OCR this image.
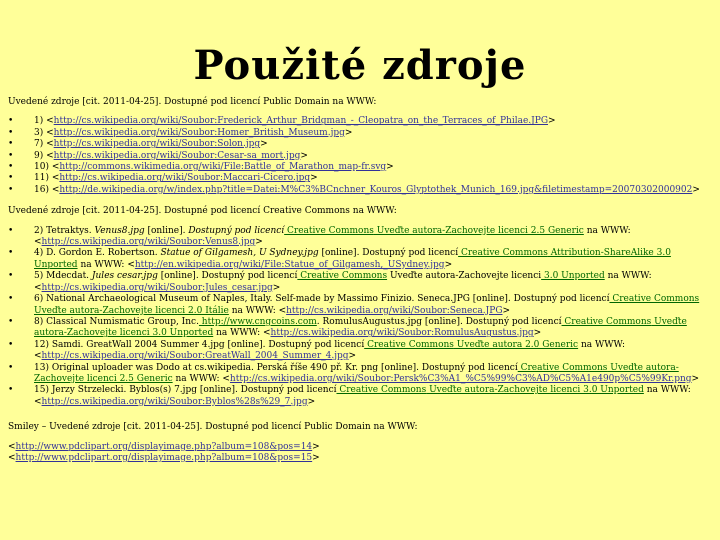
Použité zdroje

Uvedené zdroje [cit. 2011-04-25]. Dostupné pod licencí Public Domain na WWW:

• 1) <http://cs.wikipedia.org/wiki/Soubor:Frederick_Arthur_Bridgman_-_Cleopatra_on_the_Terraces_of_Philae.JPG>
• 3) <http://cs.wikipedia.org/wiki/Soubor:Homer_British_Museum.jpg>
• 7) <http://cs.wikipedia.org/wiki/Soubor:Solon.jpg>
• 9) <http://cs.wikipedia.org/wiki/Soubor:Cesar-sa_mort.jpg>
• 10) <http://commons.wikimedia.org/wiki/File:Battle_of_Marathon_map-fr.svg>
• 11) <http://cs.wikipedia.org/wiki/Soubor:Maccari-Cicero.jpg>
• 16) <http://de.wikipedia.org/w/index.php?title=Datei:M%C3%BCnchner_Kouros_Glyptothek_Munich_169.jpg&filetimestamp=20070302000902>

Uvedené zdroje [cit. 2011-04-25]. Dostupné pod licencí Creative Commons na WWW:

• 2) Tetraktys. Venus8.jpg [online]. Dostupný pod licencí Creative Commons Uveďte autora-Zachovejte licenci 2.5 Generic na WWW: <http://cs.wikipedia.org/wiki/Soubor:Venus8.jpg>
• 4) D. Gordon E. Robertson. Statue of Gilgamesh, U Sydney.jpg [online]. Dostupný pod licencí Creative Commons Attribution-ShareAlike 3.0 Unported na WWW: <http://en.wikipedia.org/wiki/File:Statue_of_Gilgamesh,_USydney.jpg>
• 5) Mdecdat. Jules cesar.jpg [online]. Dostupný pod licencí Creative Commons Uveďte autora-Zachovejte licenci 3.0 Unported na WWW: <http://cs.wikipedia.org/wiki/Soubor:Jules_cesar.jpg>
• 6) National Archaeological Museum of Naples, Italy. Self-made by Massimo Finizio. Seneca.JPG [online]. Dostupný pod licencí Creative Commons Uveďte autora-Zachovejte licenci 2.0 Itálie na WWW: <http://cs.wikipedia.org/wiki/Soubor:Seneca.JPG>
• 8) Classical Numismatic Group, Inc. http://www.cngcoins.com. RomulusAugustus.jpg [online]. Dostupný pod licencí Creative Commons Uveďte autora-Zachovejte licenci 3.0 Unported na WWW: <http://cs.wikipedia.org/wiki/Soubor:RomulusAugustus.jpg>
• 12) Samdi. GreatWall 2004 Summer 4.jpg [online]. Dostupný pod licencí Creative Commons Uveďte autora 2.0 Generic na WWW: <http://cs.wikipedia.org/wiki/Soubor:GreatWall_2004_Summer_4.jpg>
• 13) Original uploader was Dodo at cs.wikipedia. Perská říše 490 př. Kr. png [online]. Dostupný pod licencí Creative Commons Uveďte autora-Zachovejte licenci 2.5 Generic na WWW: <http://cs.wikipedia.org/wiki/Soubor:Persk%C3%A1_%C5%99%C3%AD%C5%A1e490p%C5%99Kr.png>
• 15) Jerzy Strzelecki. Byblos(s) 7.jpg [online]. Dostupný pod licencí Creative Commons Uveďte autora-Zachovejte licenci 3.0 Unported na WWW: <http://cs.wikipedia.org/wiki/Soubor:Byblos%28s%29_7.jpg>

Smiley – Uvedené zdroje [cit. 2011-04-25]. Dostupné pod licencí Public Domain na WWW:

<http://www.pdclipart.org/displayimage.php?album=108&pos=14>

<http://www.pdclipart.org/displayimage.php?album=108&pos=15>
